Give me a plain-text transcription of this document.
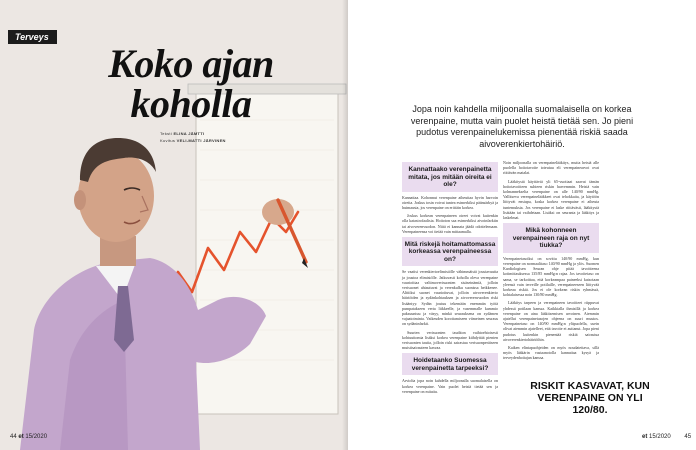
Terveys
Koko ajan
koholla
Teksti ELINA JÄMTTI
Kuvitus VELI-MATTI JÄRVINEN
44 et 15/2020
Jopa noin kahdella miljoonalla suomalaisella on korkea verenpaine, mutta vain puolet heistä tietää sen. Jo pieni pudotus verenpainelukemissa pienentää riskiä saada aivoverenkiertohäiriö.
Kannattaako verenpainetta mitata, jos mitään oireita ei ole?

Kannattaa. Kohonnut verenpaine aiheuttaa hyvin harvoin oireita. Joskus tosin voivat tuntea esimerkiksi päänsärkyä ja huimausta, jos verenpaine on erittäin korkea.

Joskus korkean verenpaineen oireet voivat kuitenkin olla katastrofaalisia. Hoitoton saa esimerkiksi aivoinfarktin tai aivoverenvuodon. Niitä ei kannata jäädä odottelemaan. Verenpaineensa voi tietää vain mittaamalla.

Mitä riskejä hoitamattomassa korkeassa verenpaineessa on?

Se vaatisi verenkiertoelimistölle vähimmäistä joustavuutta ja joustoa elimistölle. Jatkuvasti koholla oleva verenpaine vaurioittaa valtimoverisuonten sisäseinämiä, jolloin verisuonet ahtautuvat ja verenkulku suonissa heikkenee. Alttiiksi suonet vaurioituvat, jolloin aivoverenkierto häiriöiden ja sydänkohtauksen ja aivoverenvuodon riski lisääntyy. Sydän joutuu tekemään enemmän työtä pumpatakseen verta liikkeelle, ja vasemmalle kammio paksuuntuu ja väsyy, minkä seurauksena on sydämen vajaatoiminta. Vaikeuden korottamiseen viimeinen seuraus on sydäninfarkti.

Suurten verisuonten tauditon vaihtoehtoisesti kohtuuttomia lisäksi korkea verenpaine kiihdyttää pienten verisuonten tautia, jolloin riski sairastua verisuonperäiseen muistisairauteen kasvaa.

Hoidetaanko Suomessa verenpainetta tarpeeksi?

Arviolta jopa noin kahdella miljoonalla suomalaisella on korkea verenpaine. Vain puolet heistä tietää sen ja verenpaine on mitattu.

Noin miljoonalla on verenpainelääkitys, mutta heistä alle puolella hoitotavoite toteutuu eli verenpainearvot ovat riittävän matalat.

Lääkitystä käyttäviä yli 65-vuotiaat saavat tämän hoitotavoitteen suhteen riskin harvemmin. Heistä vain kolmannekselta verenpaine on alle 140/90 mmHg. Vallitseva verenpainelääkkeet ovat tehokkaita, ja käytöön liittyvät ensiapu, koska korkea verenpaine ei aiheuta tuntemuksia. Jos verenpaine ei laske riittävästi, lääkitystä lisätään tai vaihdetaan. Lisäksi on seuranta ja lääkitys ja laskelmat.

Mikä kohonneen verenpaineen raja on nyt tiukka?

Verenpainetasoiksi on sovittu 140/90 mmHg, kun verenpaine on normaalitaso 140/90 mmHg ja ylös. Suomen Kardiologisen Seuran ohje pitää tavoitteena kotimittauksessa 135/85 mmHg:n rajaa. Jos tavoitetaso on sama, se tarkoittaa, että korkeampaa paineeksi katsotaan yleensä vain terveille potilaille, verenpaineeseen liittyvää korkeaa riskiä. Jos ei ole korkean riskin ryhmässä, kohtalaisessa noin 130/80 mmHg.

Lääkitys tarpeen ja verenpaineen tavoitteet riippuvat yhdessä potilaan kanssa. Kaikkialla ihmisillä ja korkea verenpaine on aina lääkitsemisen arvoinen. Aiemmin ajatellut verenpainetasojen ohjeena on suuri muutos. Verenpainetaso on 140/90 mmHg:n yläpuolella, usein olivat aiemmin ajatelleet, että tavoite ei auttanut. Jopa pieni pudotus kuitenkin pienentää riskiä sairastua aivoverenkiertohäiriöihin.

Kaiken elintapaohjeiden on myös noudatettava, sillä myös lääkärin vastaanotolla kannattaa kysyä ja terveydenhoitajan kanssa.

RISKIT KASVAVAT, KUN VERENPAINE ON YLI 120/80.
et 15/2020 45
